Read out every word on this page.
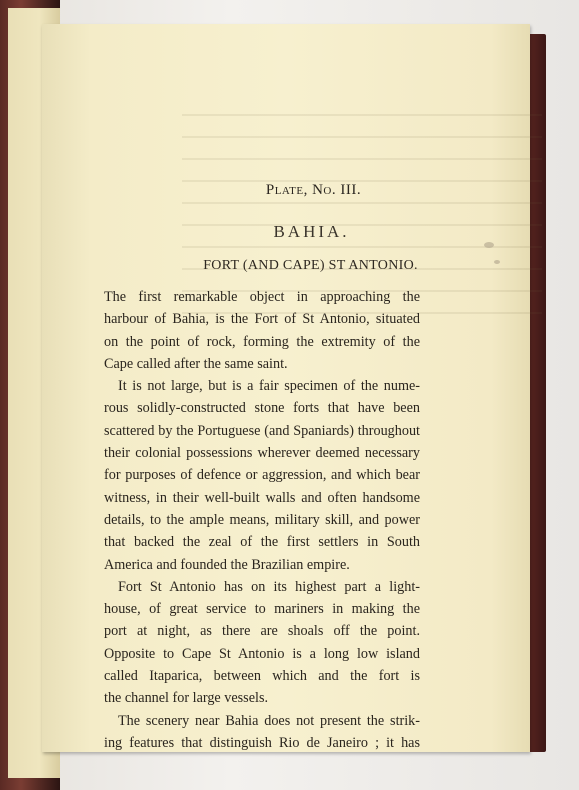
Plate, No. III.
BAHIA.
FORT (AND CAPE) ST ANTONIO.

The first remarkable object in approaching the
harbour of Bahia, is the Fort of St Antonio, situated
on the point of rock, forming the extremity of the
Cape called after the same saint.

It is not large, but is a fair specimen of the nume-
rous solidly-constructed stone forts that have been
scattered by the Portuguese (and Spaniards) throughout
their colonial possessions wherever deemed necessary
for purposes of defence or aggression, and which bear
witness, in their well-built walls and often handsome
details, to the ample means, military skill, and power
that backed the zeal of the first settlers in South
America and founded the Brazilian empire.

Fort St Antonio has on its highest part a light-
house, of great service to mariners in making the
port at night, as there are shoals off the point.
Opposite to Cape St Antonio is a long low island
called Itaparica, between which and the fort is
the channel for large vessels.

The scenery near Bahia does not present the strik-
ing features that distinguish Rio de Janeiro ; it has
